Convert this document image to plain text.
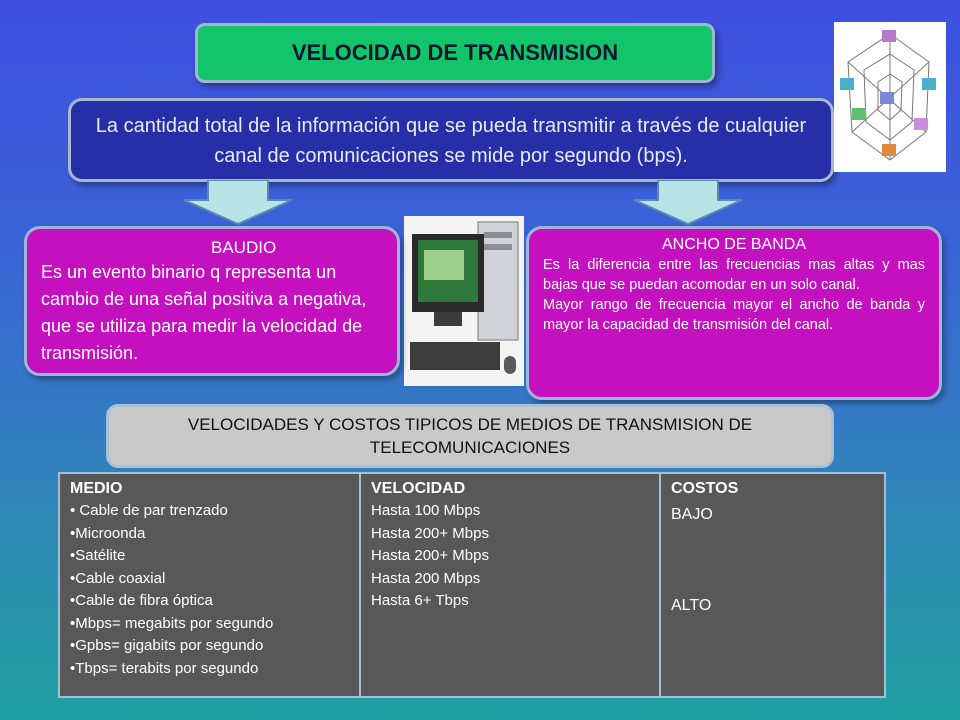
VELOCIDAD DE TRANSMISION
La cantidad total de la información que se pueda transmitir a través de cualquier canal de comunicaciones se mide por segundo (bps).
BAUDIO
Es un evento binario q representa un cambio de una señal positiva a negativa, que se utiliza para medir la velocidad de transmisión.
ANCHO DE BANDA
Es la diferencia entre las frecuencias mas altas y mas bajas que se puedan acomodar en un solo canal.
Mayor rango de frecuencia mayor el ancho de banda y mayor la capacidad de transmisión del canal.
VELOCIDADES Y COSTOS TIPICOS DE MEDIOS DE TRANSMISION DE TELECOMUNICACIONES
MEDIO
• Cable de par trenzado
•Microonda
•Satélite
•Cable coaxial
•Cable de fibra óptica
•Mbps= megabits por segundo
•Gpbs= gigabits por segundo
•Tbps= terabits por segundo
VELOCIDAD
Hasta 100 Mbps
Hasta 200+ Mbps
Hasta 200+ Mbps
Hasta 200 Mbps
Hasta 6+ Tbps
COSTOS
BAJO
ALTO
